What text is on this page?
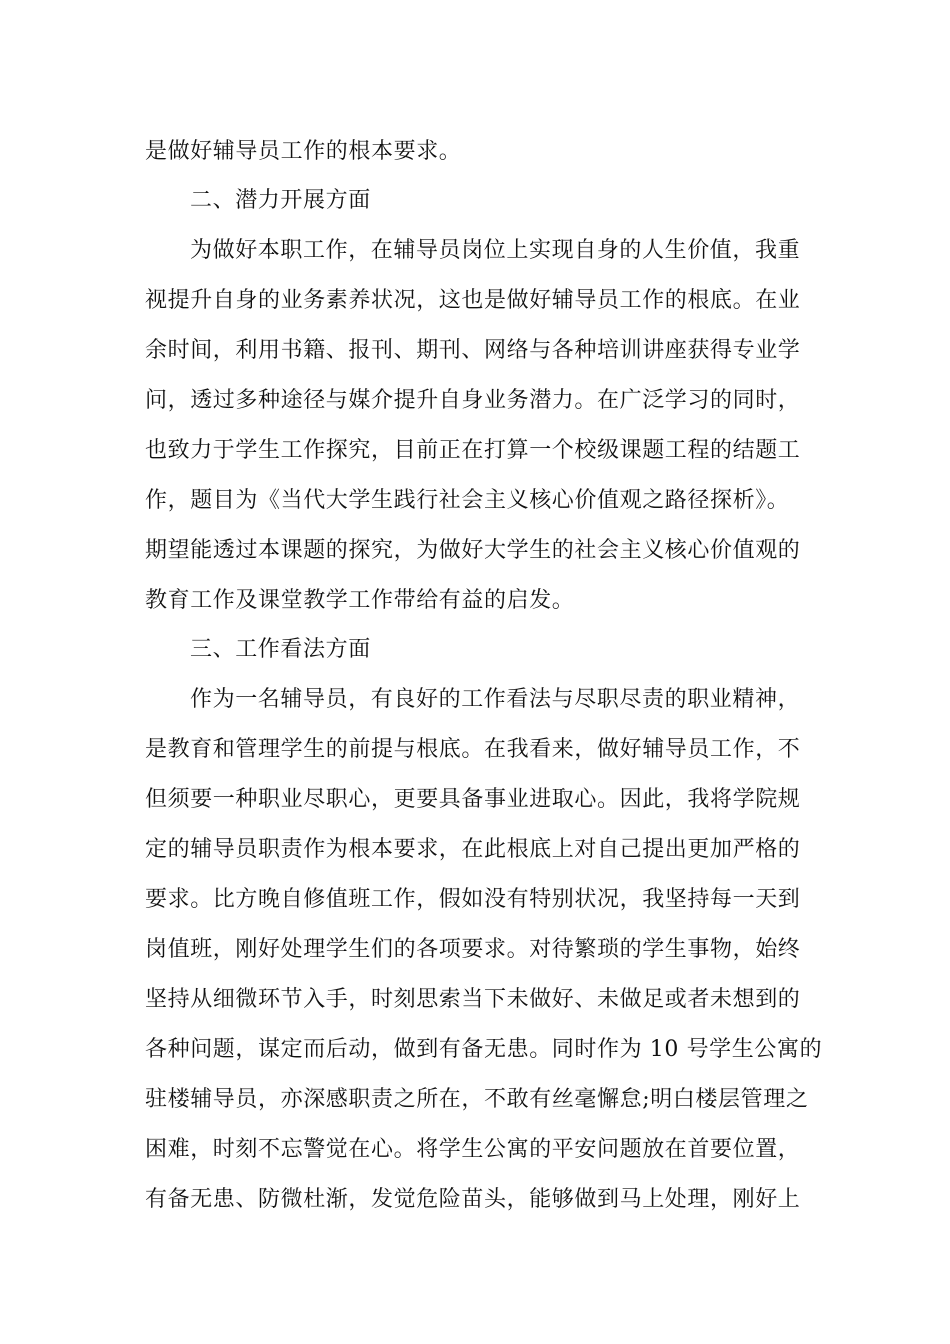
是做好辅导员工作的根本要求。
二、潜力开展方面
为做好本职工作，在辅导员岗位上实现自身的人生价值，我重
视提升自身的业务素养状况，这也是做好辅导员工作的根底。在业
余时间，利用书籍、报刊、期刊、网络与各种培训讲座获得专业学
问，透过多种途径与媒介提升自身业务潜力。在广泛学习的同时，
也致力于学生工作探究，目前正在打算一个校级课题工程的结题工
作，题目为《当代大学生践行社会主义核心价值观之路径探析》。
期望能透过本课题的探究，为做好大学生的社会主义核心价值观的
教育工作及课堂教学工作带给有益的启发。
三、工作看法方面
作为一名辅导员，有良好的工作看法与尽职尽责的职业精神，
是教育和管理学生的前提与根底。在我看来，做好辅导员工作，不
但须要一种职业尽职心，更要具备事业进取心。因此，我将学院规
定的辅导员职责作为根本要求，在此根底上对自己提出更加严格的
要求。比方晚自修值班工作，假如没有特别状况，我坚持每一天到
岗值班，刚好处理学生们的各项要求。对待繁琐的学生事物，始终
坚持从细微环节入手，时刻思索当下未做好、未做足或者未想到的
各种问题，谋定而后动，做到有备无患。同时作为 10 号学生公寓的
驻楼辅导员，亦深感职责之所在，不敢有丝毫懈怠;明白楼层管理之
困难，时刻不忘警觉在心。将学生公寓的平安问题放在首要位置，
有备无患、防微杜渐，发觉危险苗头，能够做到马上处理，刚好上
